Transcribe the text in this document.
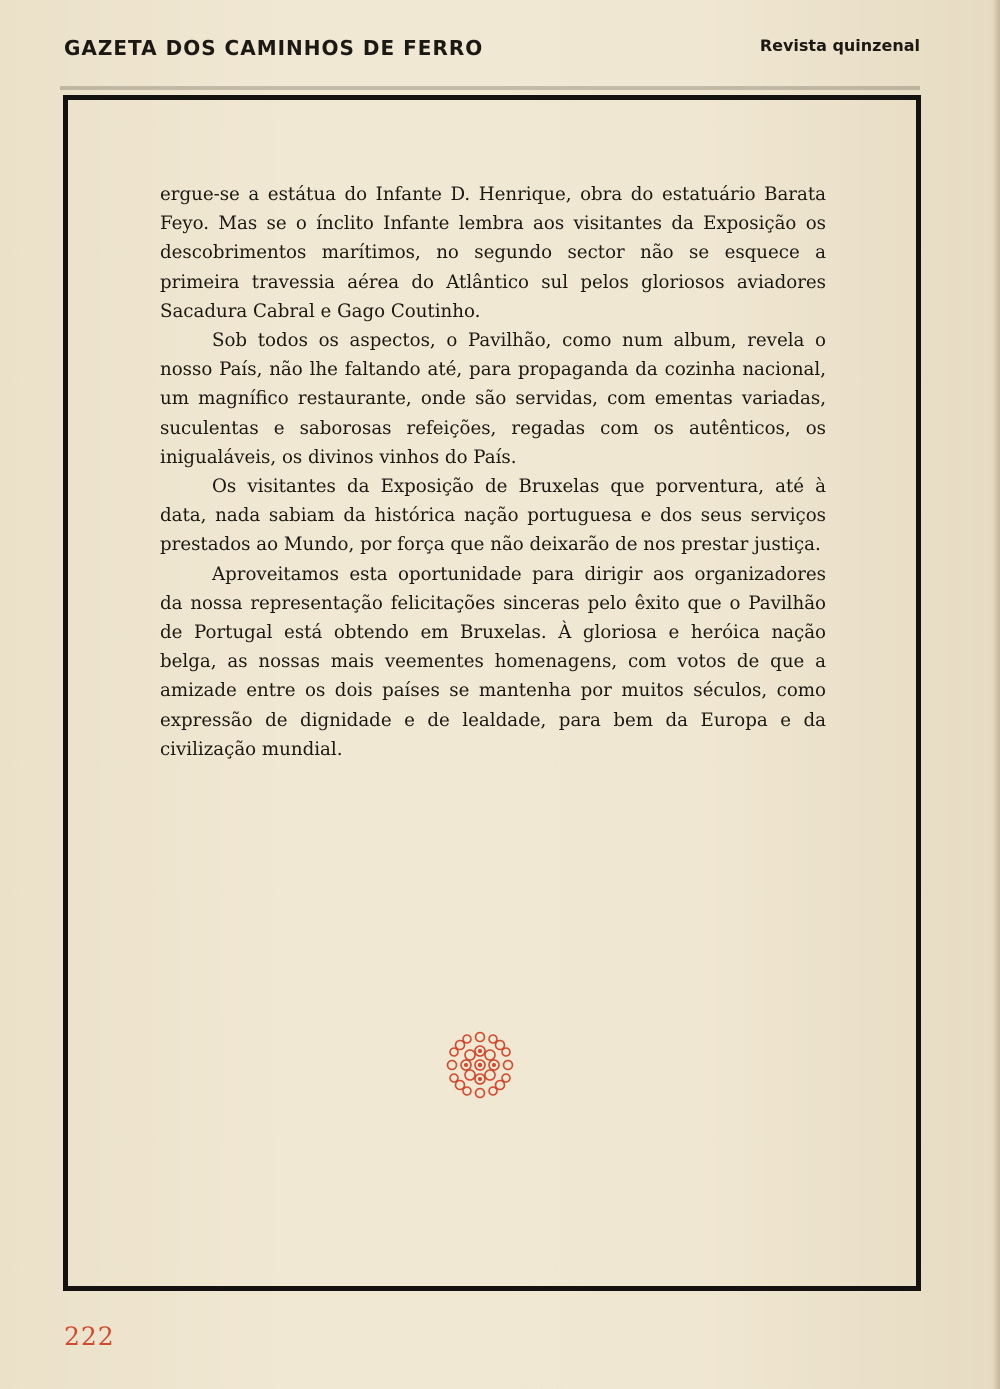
GAZETA DOS CAMINHOS DE FERRO	Revista quinzenal

ergue-se a estátua do Infante D. Henrique, obra do estatuário Barata Feyo. Mas se o ínclito Infante lembra aos visitantes da Exposição os descobrimentos marítimos, no segundo sector não se esquece a primeira travessia aérea do Atlântico sul pelos gloriosos aviadores Sacadura Cabral e Gago Coutinho.

Sob todos os aspectos, o Pavilhão, como num album, revela o nosso País, não lhe faltando até, para propaganda da cozinha nacional, um magnífico restaurante, onde são servidas, com ementas variadas, suculentas e saborosas refeições, regadas com os autênticos, os inigualáveis, os divinos vinhos do País.

Os visitantes da Exposição de Bruxelas que porventura, até à data, nada sabiam da histórica nação portuguesa e dos seus serviços prestados ao Mundo, por força que não deixarão de nos prestar justiça.

Aproveitamos esta oportunidade para dirigir aos organizadores da nossa representação felicitações sinceras pelo êxito que o Pavilhão de Portugal está obtendo em Bruxelas. À gloriosa e heróica nação belga, as nossas mais veementes homenagens, com votos de que a amizade entre os dois países se mantenha por muitos séculos, como expressão de dignidade e de lealdade, para bem da Europa e da civilização mundial.

222
